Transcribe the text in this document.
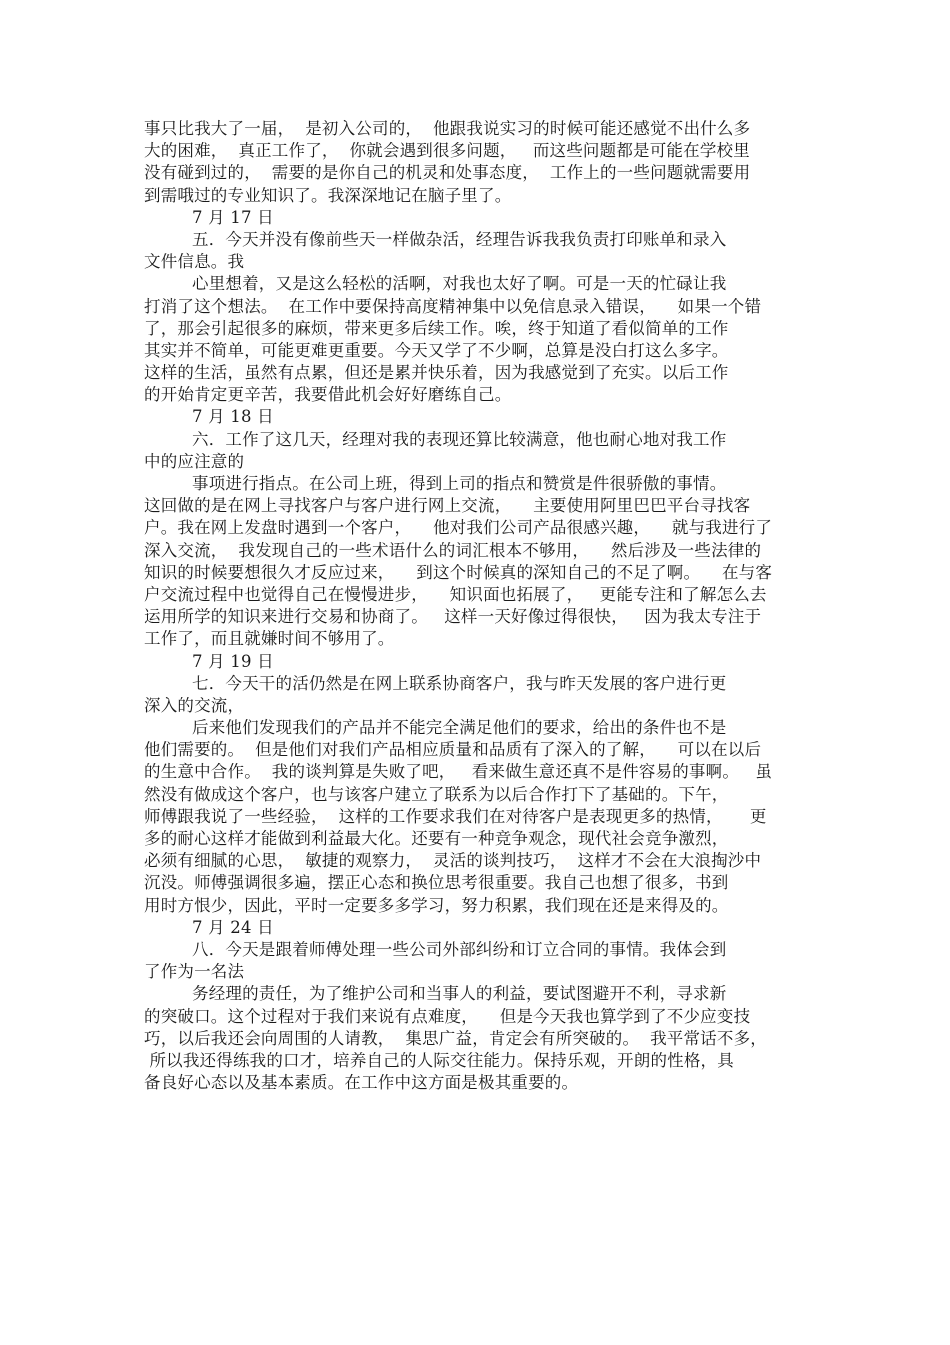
事只比我大了一届，  是初入公司的，  他跟我说实习的时候可能还感觉不出什么多
大的困难，  真正工作了，  你就会遇到很多问题，   而这些问题都是可能在学校里
没有碰到过的，  需要的是你自己的机灵和处事态度，  工作上的一些问题就需要用
到需哦过的专业知识了。我深深地记在脑子里了。
7 月 17 日
五．今天并没有像前些天一样做杂活，经理告诉我我负责打印账单和录入
文件信息。我
心里想着，又是这么轻松的活啊，对我也太好了啊。可是一天的忙碌让我
打消了这个想法。  在工作中要保持高度精神集中以免信息录入错误，    如果一个错
了，那会引起很多的麻烦，带来更多后续工作。唉，终于知道了看似简单的工作
其实并不简单，可能更难更重要。今天又学了不少啊，总算是没白打这么多字。
这样的生活，虽然有点累，但还是累并快乐着，因为我感觉到了充实。以后工作
的开始肯定更辛苦，我要借此机会好好磨练自己。
7 月 18 日
六．工作了这几天，经理对我的表现还算比较满意，他也耐心地对我工作
中的应注意的
事项进行指点。在公司上班，得到上司的指点和赞赏是件很骄傲的事情。
这回做的是在网上寻找客户与客户进行网上交流，    主要使用阿里巴巴平台寻找客
户。我在网上发盘时遇到一个客户，    他对我们公司产品很感兴趣，    就与我进行了
深入交流，  我发现自己的一些术语什么的词汇根本不够用，    然后涉及一些法律的
知识的时候要想很久才反应过来，    到这个时候真的深知自己的不足了啊。    在与客
户交流过程中也觉得自己在慢慢进步，    知识面也拓展了，   更能专注和了解怎么去
运用所学的知识来进行交易和协商了。   这样一天好像过得很快，   因为我太专注于
工作了，而且就嫌时间不够用了。
7 月 19 日
七．今天干的活仍然是在网上联系协商客户，我与昨天发展的客户进行更
深入的交流，
后来他们发现我们的产品并不能完全满足他们的要求，给出的条件也不是
他们需要的。  但是他们对我们产品相应质量和品质有了深入的了解，    可以在以后
的生意中合作。  我的谈判算是失败了吧，   看来做生意还真不是件容易的事啊。   虽
然没有做成这个客户，也与该客户建立了联系为以后合作打下了基础的。下午，
师傅跟我说了一些经验，  这样的工作要求我们在对待客户是表现更多的热情，     更
多的耐心这样才能做到利益最大化。还要有一种竞争观念，现代社会竞争激烈，
必须有细腻的心思，  敏捷的观察力，  灵活的谈判技巧，  这样才不会在大浪掏沙中
沉没。师傅强调很多遍，摆正心态和换位思考很重要。我自己也想了很多，书到
用时方恨少，因此，平时一定要多多学习，努力积累，我们现在还是来得及的。
7 月 24 日
八．今天是跟着师傅处理一些公司外部纠纷和订立合同的事情。我体会到
了作为一名法
务经理的责任，为了维护公司和当事人的利益，要试图避开不利，寻求新
的突破口。这个过程对于我们来说有点难度，    但是今天我也算学到了不少应变技
巧，以后我还会向周围的人请教，  集思广益，肯定会有所突破的。  我平常话不多，
所以我还得练我的口才，培养自己的人际交往能力。保持乐观，开朗的性格，具
备良好心态以及基本素质。在工作中这方面是极其重要的。
